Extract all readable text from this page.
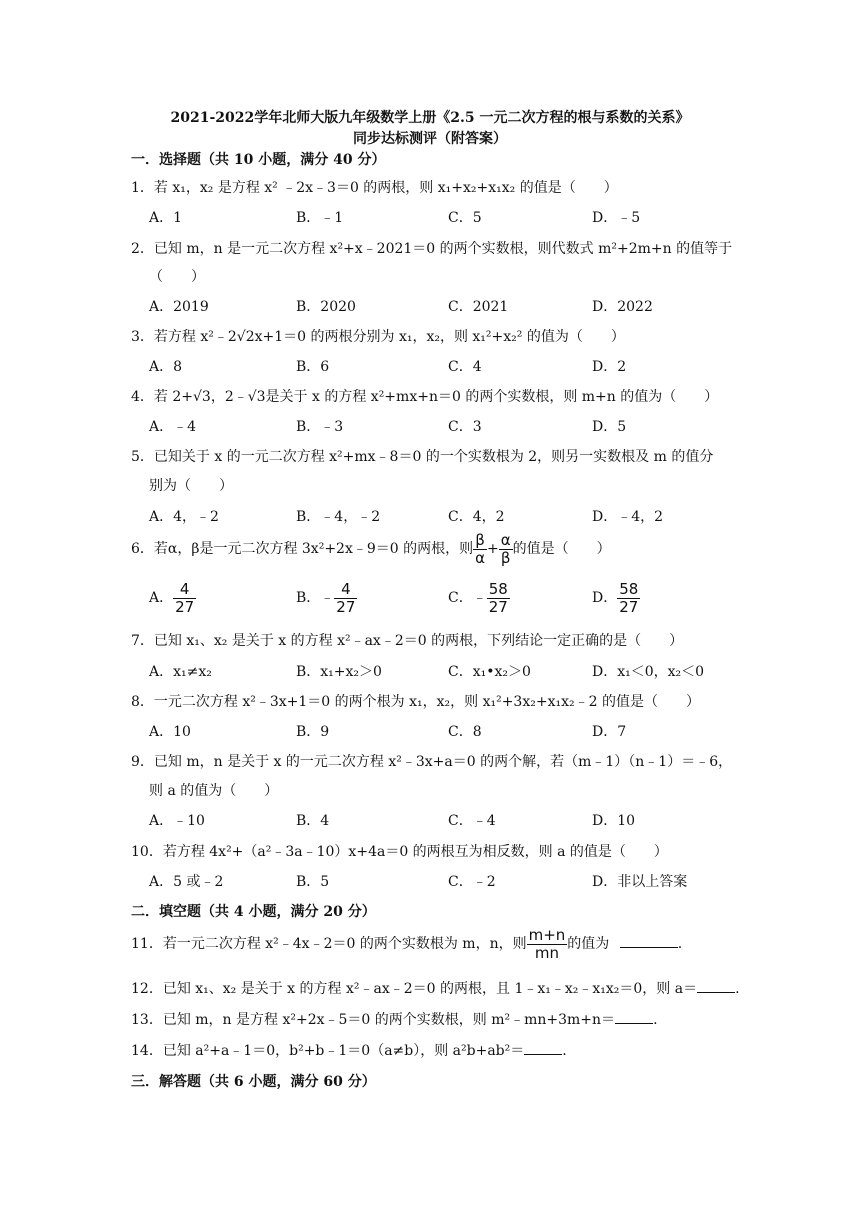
2021-2022学年北师大版九年级数学上册《2.5 一元二次方程的根与系数的关系》
同步达标测评（附答案）
一．选择题（共 10 小题，满分 40 分）
1．若 x₁，x₂ 是方程 x² ﹣2x﹣3＝0 的两根，则 x₁+x₂+x₁x₂ 的值是（　　）
A．1	B．﹣1	C．5	D．﹣5
2．已知 m，n 是一元二次方程 x²+x﹣2021＝0 的两个实数根，则代数式 m²+2m+n 的值等于
（　　）
A．2019	B．2020	C．2021	D．2022
3．若方程 x²﹣2√2x+1＝0 的两根分别为 x₁，x₂，则 x₁²+x₂² 的值为（　　）
A．8	B．6	C．4	D．2
4．若 2+√3，2﹣√3是关于 x 的方程 x²+mx+n＝0 的两个实数根，则 m+n 的值为（　　）
A．﹣4	B．﹣3	C．3	D．5
5．已知关于 x 的一元二次方程 x²+mx﹣8＝0 的一个实数根为 2，则另一实数根及 m 的值分
别为（　　）
A．4，﹣2	B．﹣4，﹣2	C．4，2	D．﹣4，2
6．若α，β是一元二次方程 3x²+2x﹣9＝0 的两根，则 $\frac{\beta}{\alpha} + \frac{\alpha}{\beta}$ 的值是（　　）
A． $\frac{4}{27}$	B．﹣ $\frac{4}{27}$	C．﹣ $\frac{58}{27}$	D． $\frac{58}{27}$
7．已知 x₁、x₂ 是关于 x 的方程 x²﹣ax﹣2＝0 的两根，下列结论一定正确的是（　　）
A．x₁≠x₂	B．x₁+x₂＞0	C．x₁•x₂＞0	D．x₁＜0，x₂＜0
8．一元二次方程 x²﹣3x+1＝0 的两个根为 x₁，x₂，则 x₁²+3x₂+x₁x₂﹣2 的值是（　　）
A．10	B．9	C．8	D．7
9．已知 m，n 是关于 x 的一元二次方程 x²﹣3x+a＝0 的两个解，若（m﹣1）（n﹣1）＝﹣6，
则 a 的值为（　　）
A．﹣10	B．4	C．﹣4	D．10
10．若方程 4x²+（a²﹣3a﹣10）x+4a＝0 的两根互为相反数，则 a 的值是（　　）
A．5 或﹣2	B．5	C．﹣2	D．非以上答案
二．填空题（共 4 小题，满分 20 分）
11．若一元二次方程 x²﹣4x﹣2＝0 的两个实数根为 m，n，则 $\frac{m+n}{mn}$ 的值为	.
12．已知 x₁、x₂ 是关于 x 的方程 x²﹣ax﹣2＝0 的两根，且 1﹣x₁﹣x₂﹣x₁x₂＝0，则 a＝	.
13．已知 m，n 是方程 x²+2x﹣5＝0 的两个实数根，则 m²﹣mn+3m+n＝	.
14．已知 a²+a﹣1＝0，b²+b﹣1＝0（a≠b），则 a²b+ab²＝	.
三．解答题（共 6 小题，满分 60 分）
